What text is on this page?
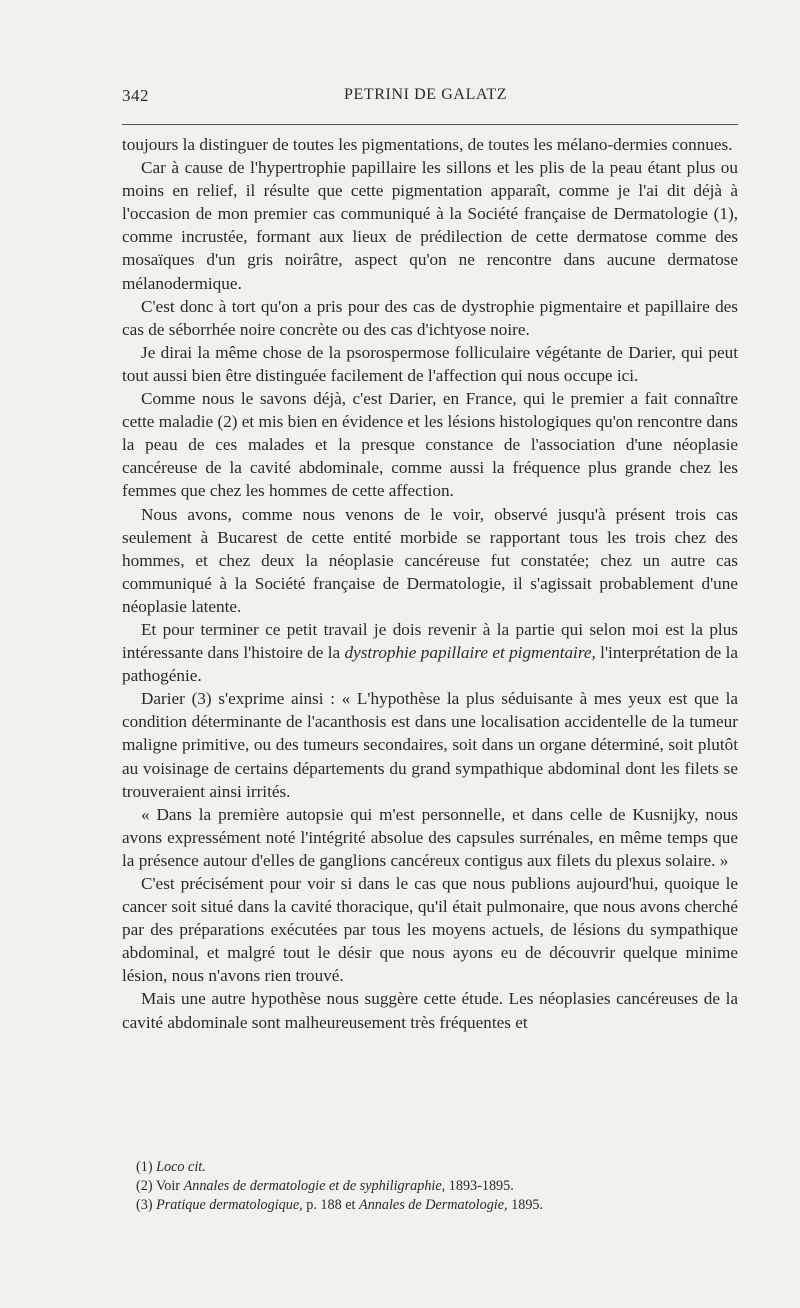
342	PETRINI DE GALATZ

toujours la distinguer de toutes les pigmentations, de toutes les mélano-dermies connues.

Car à cause de l'hypertrophie papillaire les sillons et les plis de la peau étant plus ou moins en relief, il résulte que cette pigmentation apparaît, comme je l'ai dit déjà à l'occasion de mon premier cas communiqué à la Société française de Dermatologie (1), comme incrustée, formant aux lieux de prédilection de cette dermatose comme des mosaïques d'un gris noirâtre, aspect qu'on ne rencontre dans aucune dermatose mélanodermique.

C'est donc à tort qu'on a pris pour des cas de dystrophie pigmentaire et papillaire des cas de séborrhée noire concrète ou des cas d'ichtyose noire.

Je dirai la même chose de la psorospermose folliculaire végétante de Darier, qui peut tout aussi bien être distinguée facilement de l'affection qui nous occupe ici.

Comme nous le savons déjà, c'est Darier, en France, qui le premier a fait connaître cette maladie (2) et mis bien en évidence et les lésions histologiques qu'on rencontre dans la peau de ces malades et la presque constance de l'association d'une néoplasie cancéreuse de la cavité abdominale, comme aussi la fréquence plus grande chez les femmes que chez les hommes de cette affection.

Nous avons, comme nous venons de le voir, observé jusqu'à présent trois cas seulement à Bucarest de cette entité morbide se rapportant tous les trois chez des hommes, et chez deux la néoplasie cancéreuse fut constatée; chez un autre cas communiqué à la Société française de Dermatologie, il s'agissait probablement d'une néoplasie latente.

Et pour terminer ce petit travail je dois revenir à la partie qui selon moi est la plus intéressante dans l'histoire de la dystrophie papillaire et pigmentaire, l'interprétation de la pathogénie.

Darier (3) s'exprime ainsi : « L'hypothèse la plus séduisante à mes yeux est que la condition déterminante de l'acanthosis est dans une localisation accidentelle de la tumeur maligne primitive, ou des tumeurs secondaires, soit dans un organe déterminé, soit plutôt au voisinage de certains départements du grand sympathique abdominal dont les filets se trouveraient ainsi irrités.

« Dans la première autopsie qui m'est personnelle, et dans celle de Kusnijky, nous avons expressément noté l'intégrité absolue des capsules surrénales, en même temps que la présence autour d'elles de ganglions cancéreux contigus aux filets du plexus solaire. »

C'est précisément pour voir si dans le cas que nous publions aujourd'hui, quoique le cancer soit situé dans la cavité thoracique, qu'il était pulmonaire, que nous avons cherché par des préparations exécutées par tous les moyens actuels, de lésions du sympathique abdominal, et malgré tout le désir que nous ayons eu de découvrir quelque minime lésion, nous n'avons rien trouvé.

Mais une autre hypothèse nous suggère cette étude. Les néoplasies cancéreuses de la cavité abdominale sont malheureusement très fréquentes et

(1) Loco cit.
(2) Voir Annales de dermatologie et de syphiligraphie, 1893-1895.
(3) Pratique dermatologique, p. 188 et Annales de Dermatologie, 1895.
